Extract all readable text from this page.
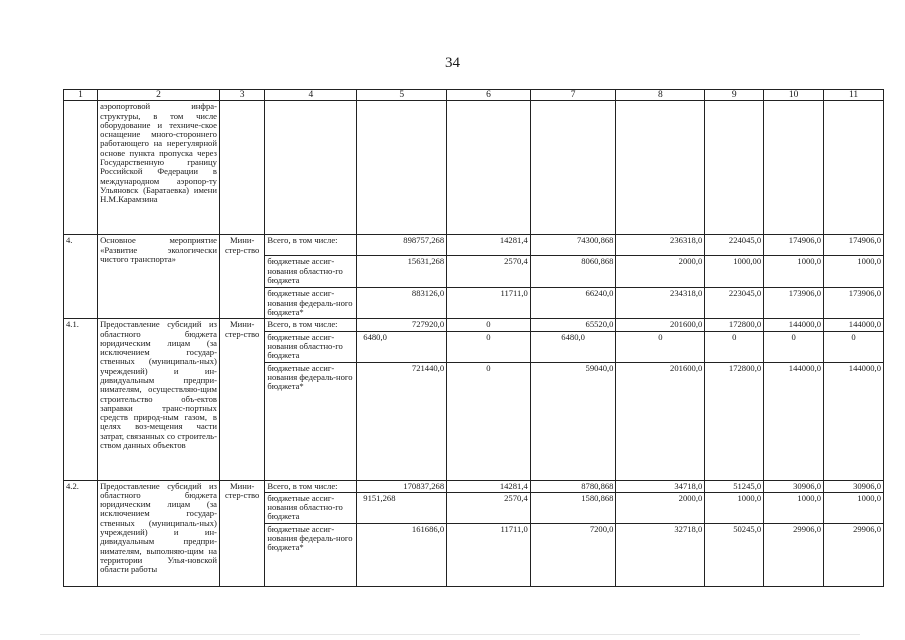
34
1	2	3	4	5	6	7	8	9	10	11
	аэропортовой инфра-структуры, в том числе оборудование и техниче-ское оснащение много-стороннего работающего на нерегулярной основе пункта пропуска через Государственную границу Российской Федерации в международном аэропор-ту Ульяновск (Баратаевка) имени Н.М.Карамзина									
4.	Основное мероприятие «Развитие экологически чистого транспорта»	Мини-стер-ство	Всего, в том числе:	898757,268	14281,4	74300,868	236318,0	224045,0	174906,0	174906,0
			бюджетные ассиг-нования областно-го бюджета	15631,268	2570,4	8060,868	2000,0	1000,00	1000,0	1000,0
			бюджетные ассиг-нования федераль-ного бюджета*	883126,0	11711,0	66240,0	234318,0	223045,0	173906,0	173906,0
4.1.	Предоставление субсидий из областного бюджета юридическим лицам (за исключением государ-ственных (муниципаль-ных) учреждений) и ин-дивидуальным предпри-нимателям, осуществляю-щим строительство объ-ектов заправки транс-портных средств природ-ным газом, в целях воз-мещения части затрат, связанных со строитель-ством данных объектов	Мини-стер-ство	Всего, в том числе:	727920,0	0	65520,0	201600,0	172800,0	144000,0	144000,0
			бюджетные ассиг-нования областно-го бюджета	6480,0	0	6480,0	0	0	0	0
			бюджетные ассиг-нования федераль-ного бюджета*	721440,0	0	59040,0	201600,0	172800,0	144000,0	144000,0
4.2.	Предоставление субсидий из областного бюджета юридическим лицам (за исключением государ-ственных (муниципаль-ных) учреждений) и ин-дивидуальным предпри-нимателям, выполняю-щим на территории Улья-новской области работы	Мини-стер-ство	Всего, в том числе:	170837,268	14281,4	8780,868	34718,0	51245,0	30906,0	30906,0
			бюджетные ассиг-нования областно-го бюджета	9151,268	2570,4	1580,868	2000,0	1000,0	1000,0	1000,0
			бюджетные ассиг-нования федераль-ного бюджета*	161686,0	11711,0	7200,0	32718,0	50245,0	29906,0	29906,0
